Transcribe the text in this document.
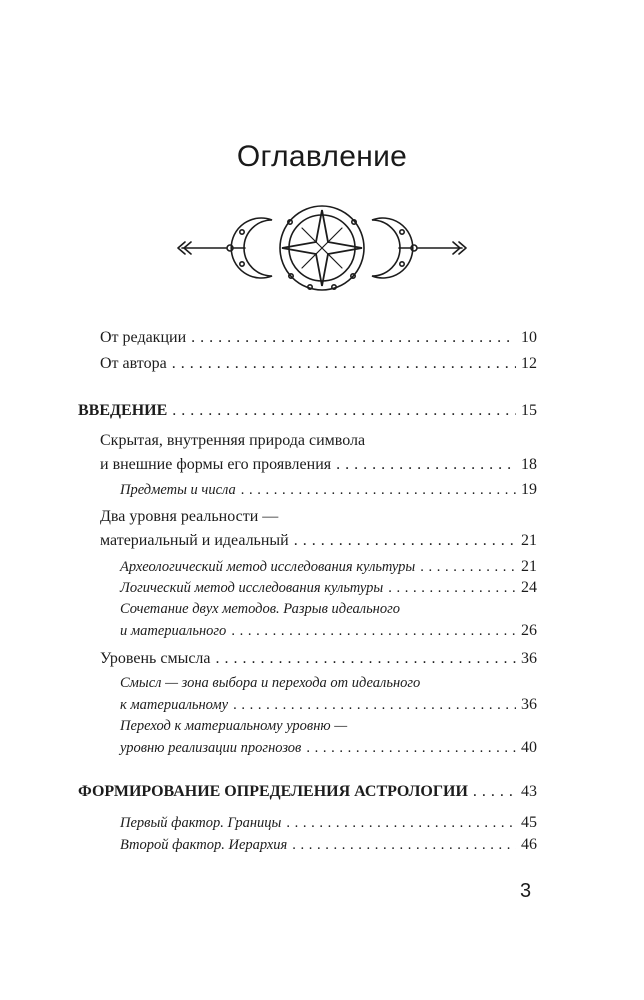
Оглавление
От редакции . . .	10
От автора . . .	12
ВВЕДЕНИЕ . . .	15
Скрытая, внутренняя природа символа
и внешние формы его проявления . . .	18
Предметы и числа . . .	19
Два уровня реальности —
материальный и идеальный . . .	21
Археологический метод исследования культуры . . .	21
Логический метод исследования культуры . . .	24
Сочетание двух методов. Разрыв идеального
и материального . . .	26
Уровень смысла . . .	36
Смысл — зона выбора и перехода от идеального
к материальному . . .	36
Переход к материальному уровню —
уровню реализации прогнозов . . .	40
ФОРМИРОВАНИЕ ОПРЕДЕЛЕНИЯ АСТРОЛОГИИ . . .	43
Первый фактор. Границы . . .	45
Второй фактор. Иерархия . . .	46
3
